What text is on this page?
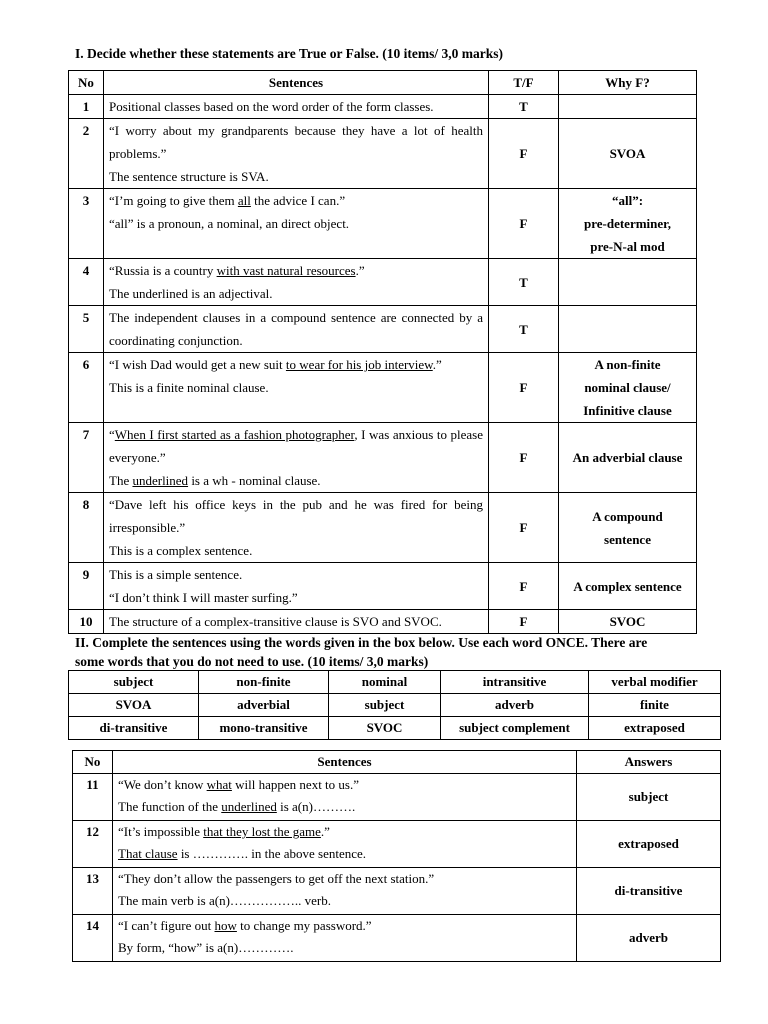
I. Decide whether these statements are True or False. (10 items/ 3,0 marks)
No	Sentences	T/F	Why F?
1	Positional classes based on the word order of the form classes.	T	
2	“I worry about my grandparents because they have a lot of health problems.”
The sentence structure is SVA.	F	SVOA
3	“I’m going to give them all the advice I can.”
“all” is a pronoun, a nominal, an direct object.	F	“all”:
pre-determiner,
pre-N-al mod

4	“Russia is a country with vast natural resources.”
The underlined is an adjectival.	T	
5	The independent clauses in a compound sentence are connected by a coordinating conjunction.	T	
6	“I wish Dad would get a new suit to wear for his job interview.”
This is a finite nominal clause.	F	A non-finite
nominal clause/
Infinitive clause

7	“When I first started as a fashion photographer, I was anxious to please everyone.”
The underlined is a wh - nominal clause.	F	An adverbial clause
8	“Dave left his office keys in the pub and he was fired for being irresponsible.”
This is a complex sentence.	F	A compound
sentence

9	This is a simple sentence.
“I don’t think I will master surfing.”	F	A complex sentence
10	The structure of a complex-transitive clause is SVO and SVOC.	F	SVOC
II. Complete the sentences using the words given in the box below. Use each word ONCE. There are
some words that you do not need to use. (10 items/ 3,0 marks)
subject	non-finite	nominal	intransitive	verbal modifier
SVOA	adverbial	subject	adverb	finite
di-transitive	mono-transitive	SVOC	subject complement	extraposed
No	Sentences	Answers
11	“We don’t know what will happen next to us.”
The function of the underlined is a(n)……….	subject
12	“It’s impossible that they lost the game.”
That clause is …………. in the above sentence.	extraposed
13	“They don’t allow the passengers to get off the next station.”
The main verb is a(n)…………….. verb.	di-transitive
14	“I can’t figure out how to change my password.”
By form, “how” is a(n)………….	adverb
